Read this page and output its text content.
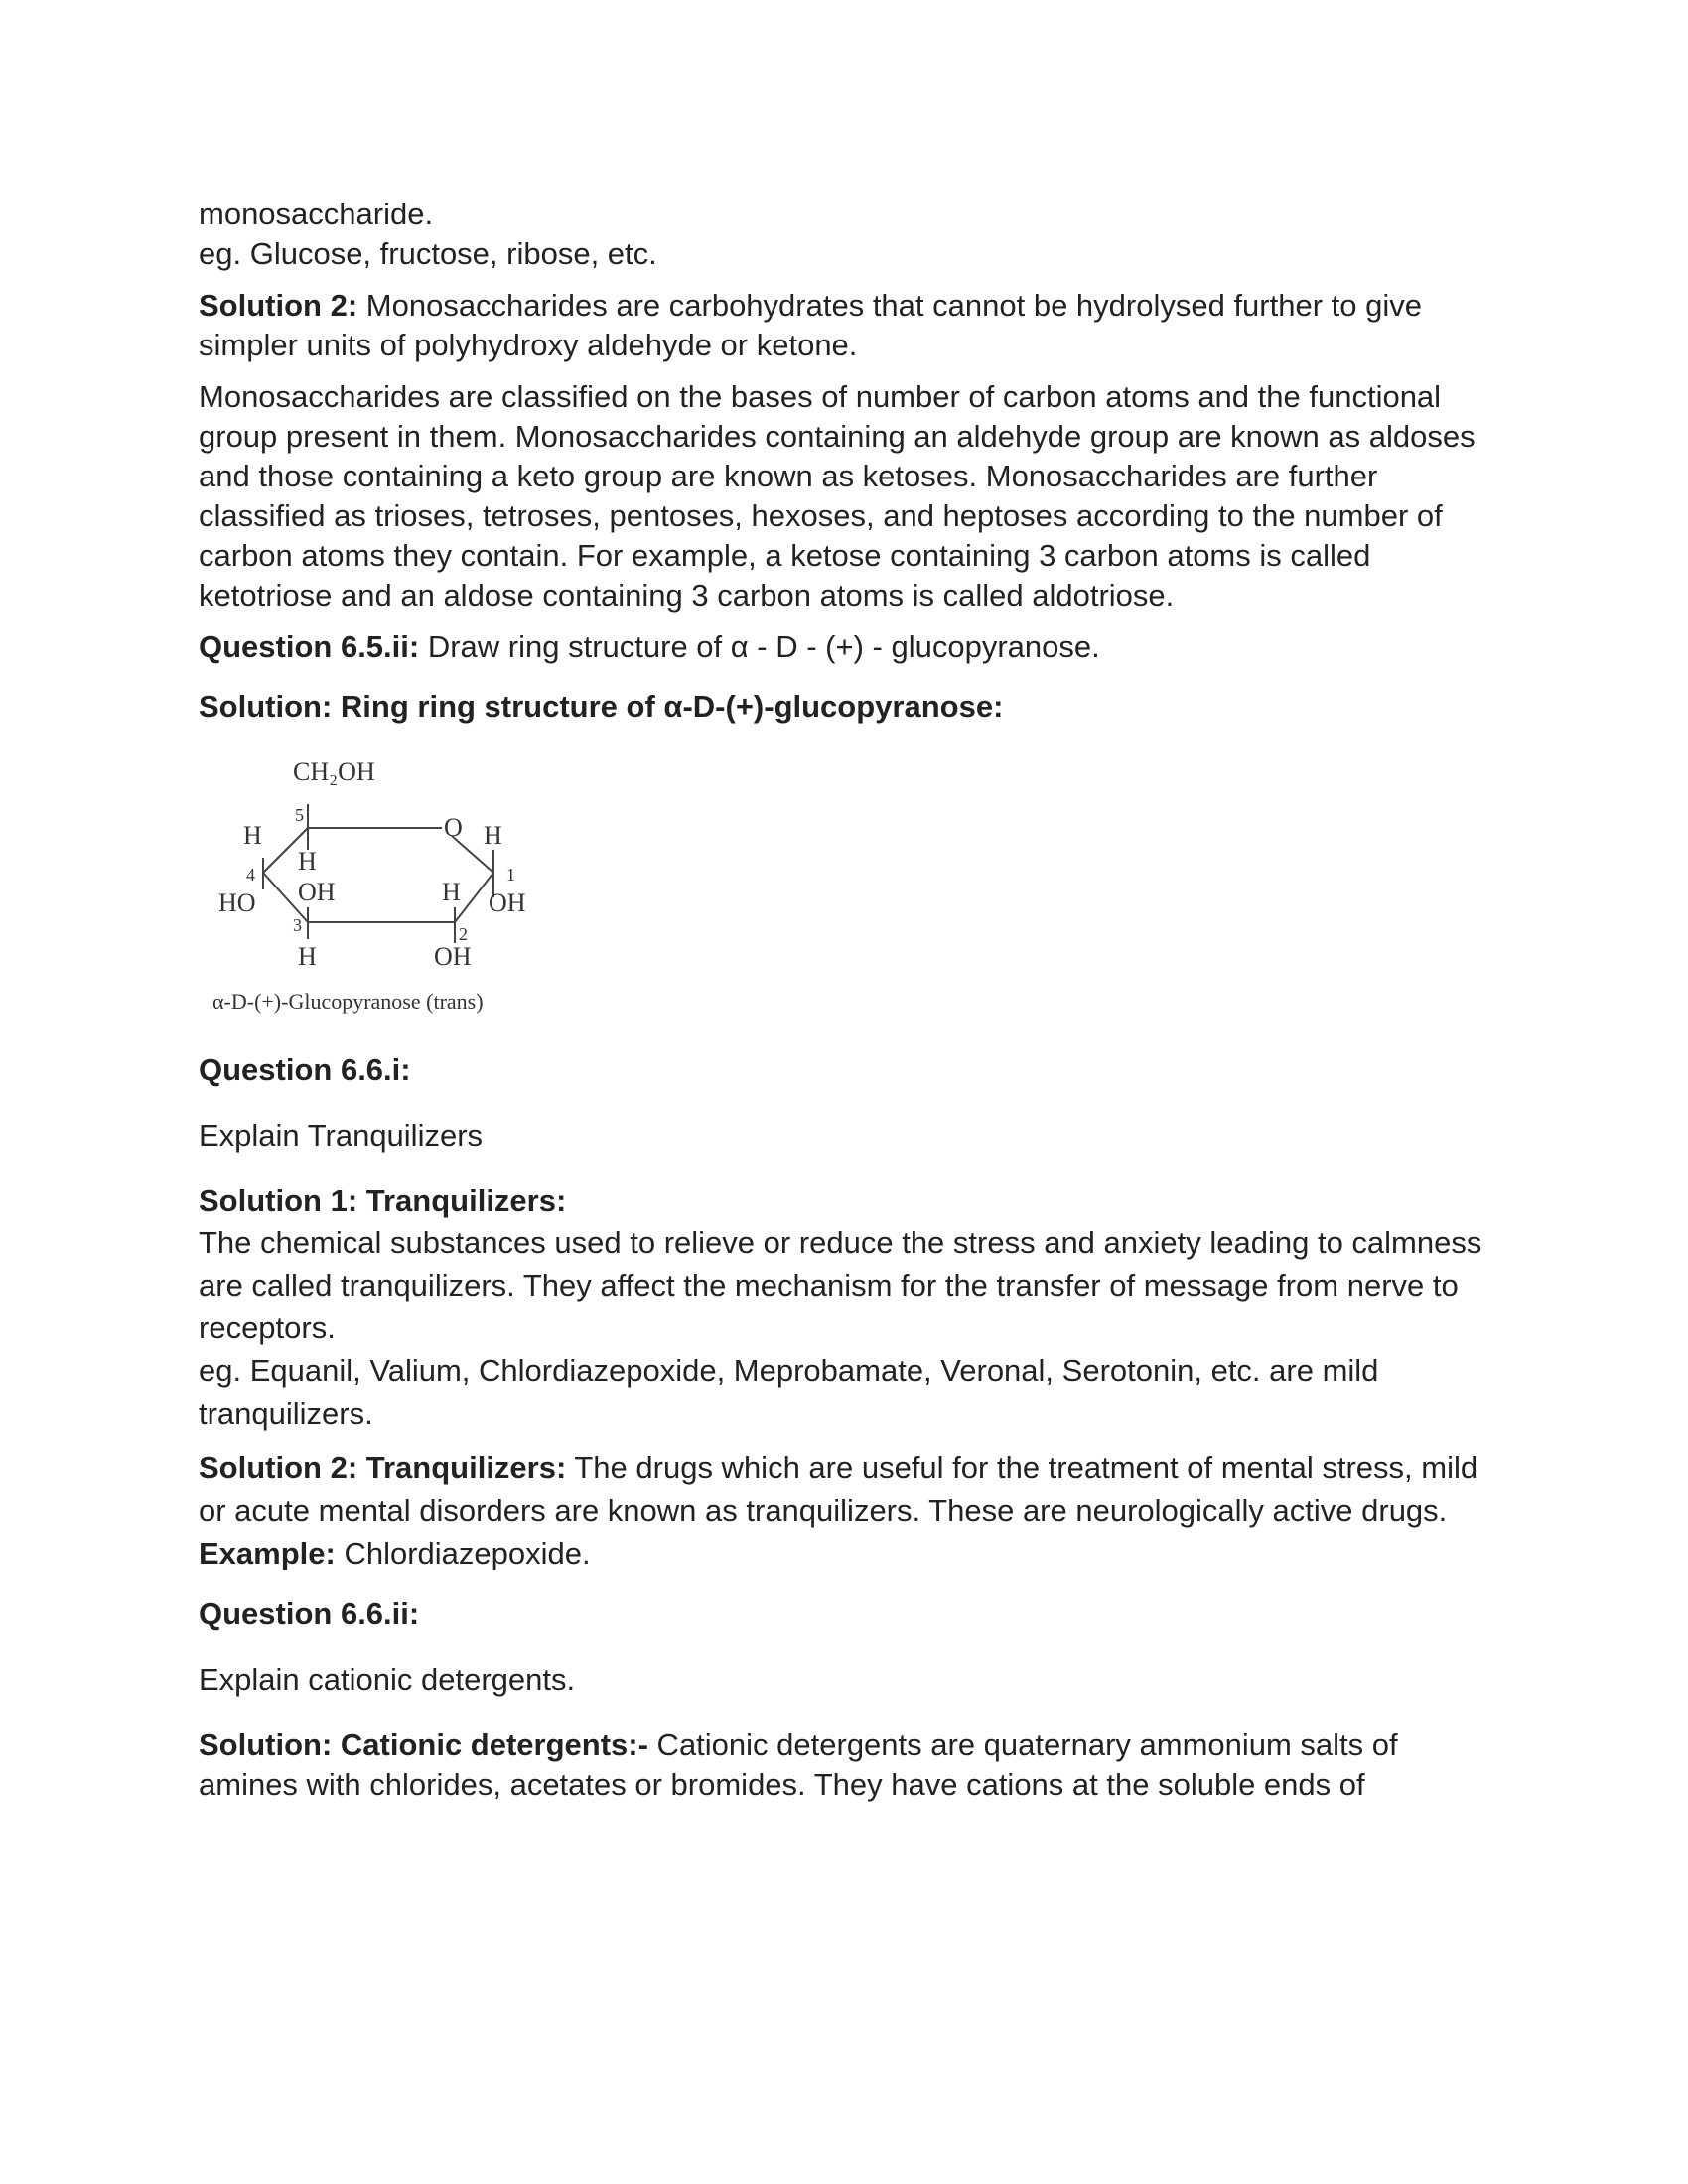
monosaccharide.

eg. Glucose, fructose, ribose, etc.

Solution 2: Monosaccharides are carbohydrates that cannot be hydrolysed further to give simpler units of polyhydroxy aldehyde or ketone.

Monosaccharides are classified on the bases of number of carbon atoms and the functional group present in them. Monosaccharides containing an aldehyde group are known as aldoses and those containing a keto group are known as ketoses. Monosaccharides are further classified as trioses, tetroses, pentoses, hexoses, and heptoses according to the number of carbon atoms they contain. For example, a ketose containing 3 carbon atoms is called ketotriose and an aldose containing 3 carbon atoms is called aldotriose.

Question 6.5.ii: Draw ring structure of α - D - (+) - glucopyranose.

Solution: Ring ring structure of α-D-(+)-glucopyranose:

CH₂OH
O
5
H
H
OH
4
HO
3
H
H
2
OH
H
1
OH
α-D-(+)-Glucopyranose (trans)

Question 6.6.i:

Explain Tranquilizers

Solution 1: Tranquilizers:

The chemical substances used to relieve or reduce the stress and anxiety leading to calmness are called tranquilizers. They affect the mechanism for the transfer of message from nerve to receptors.

eg. Equanil, Valium, Chlordiazepoxide, Meprobamate, Veronal, Serotonin, etc. are mild tranquilizers.

Solution 2: Tranquilizers: The drugs which are useful for the treatment of mental stress, mild or acute mental disorders are known as tranquilizers. These are neurologically active drugs.

Example: Chlordiazepoxide.

Question 6.6.ii:

Explain cationic detergents.

Solution: Cationic detergents:- Cationic detergents are quaternary ammonium salts of amines with chlorides, acetates or bromides. They have cations at the soluble ends of
